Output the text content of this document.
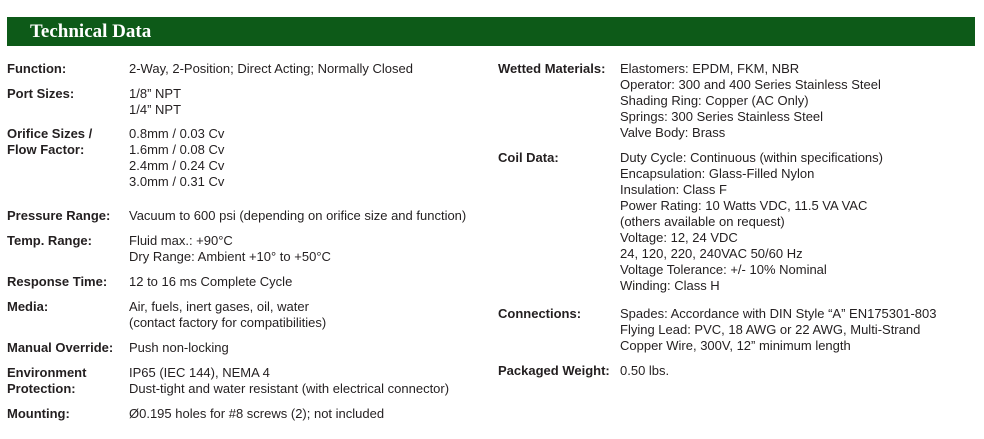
Technical Data
Function:	2-Way, 2-Position; Direct Acting; Normally Closed
Port Sizes:	1/8” NPT
1/4” NPT
Orifice Sizes /
Flow Factor:
0.8mm / 0.03 Cv
1.6mm / 0.08 Cv
2.4mm / 0.24 Cv
3.0mm / 0.31 Cv
Pressure Range: Vacuum to 600 psi (depending on orifice size and function)
Temp. Range:	Fluid max.: +90°C
Dry Range: Ambient +10° to +50°C
Response Time: 12 to 16 ms Complete Cycle
Media:	Air, fuels, inert gases, oil, water
(contact factory for compatibilities)
Manual Override: Push non-locking
Environment
Protection:
IP65 (IEC 144), NEMA 4
Dust-tight and water resistant (with electrical connector)
Mounting:	Ø0.195 holes for #8 screws (2); not included
Wetted Materials: Elastomers: EPDM, FKM, NBR
Operator: 300 and 400 Series Stainless Steel
Shading Ring: Copper (AC Only)
Springs: 300 Series Stainless Steel
Valve Body: Brass
Coil Data:	Duty Cycle: Continuous (within specifications)
Encapsulation: Glass-Filled Nylon
Insulation: Class F
Power Rating: 10 Watts VDC, 11.5 VA VAC
(others available on request)
Voltage: 12, 24 VDC
24, 120, 220, 240VAC 50/60 Hz
Voltage Tolerance: +/- 10% Nominal
Winding: Class H
Connections:	Spades: Accordance with DIN Style “A” EN175301-803
Flying Lead: PVC, 18 AWG or 22 AWG, Multi-Strand
Copper Wire, 300V, 12” minimum length
Packaged Weight: 0.50 lbs.
